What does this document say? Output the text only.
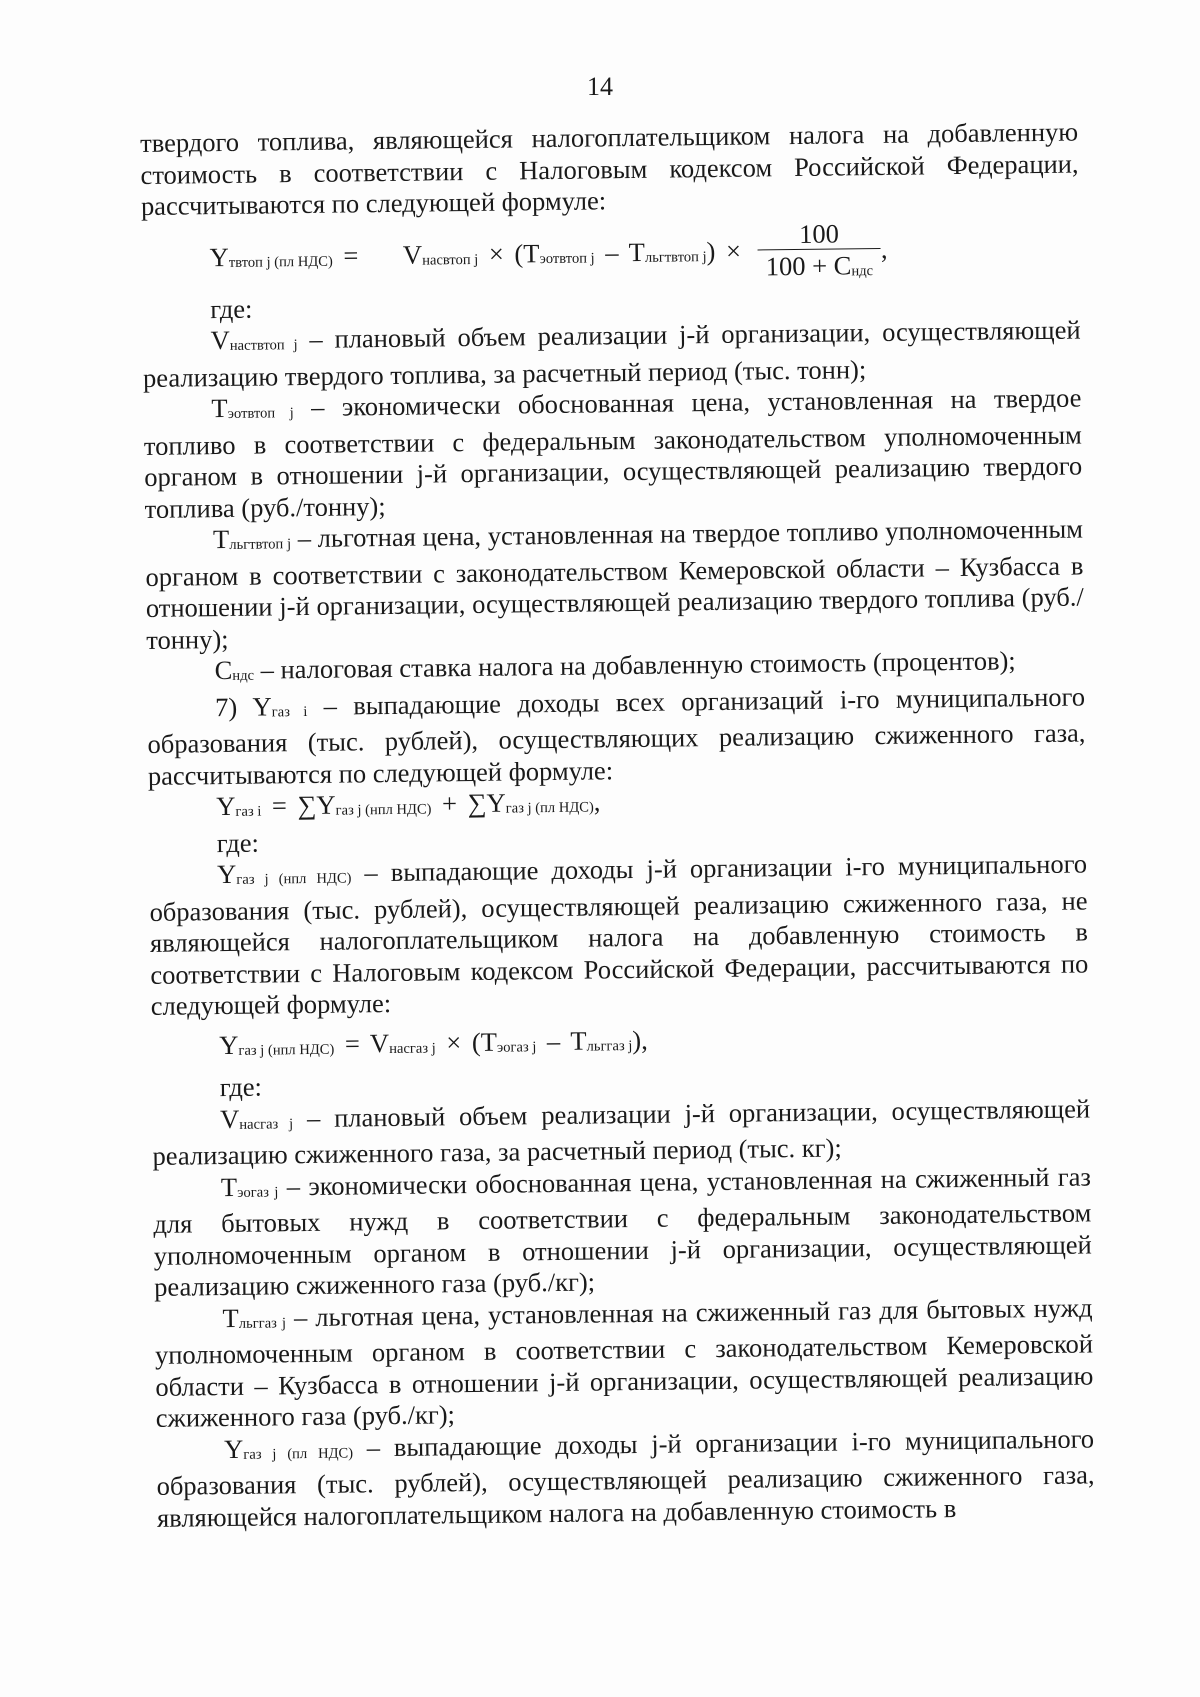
14

твердого топлива, являющейся налогоплательщиком налога на добавленную стоимость в соответствии с Налоговым кодексом Российской Федерации, рассчитываются по следующей формуле:

Yтвтоп j (пл НДС) = Vнасвтоп j × (Tэотвтоп j – Tльгтвтоп $j) \times \frac{100}{\text{100 + Cндс}}$ ,

где:

Vнаствтоп j – плановый объем реализации j-й организации, осуществляющей реализацию твердого топлива, за расчетный период (тыс. тонн);

Tэотвтоп j – экономически обоснованная цена, установленная на твердое топливо в соответствии с федеральным законодательством уполномоченным органом в отношении j-й организации, осуществляющей реализацию твердого топлива (руб./тонну);

Tльгтвтоп j – льготная цена, установленная на твердое топливо уполномоченным органом в соответствии с законодательством Кемеровской области – Кузбасса в отношении j-й организации, осуществляющей реализацию твердого топлива (руб./тонну);

Cндс – налоговая ставка налога на добавленную стоимость (процентов);

7) Yгаз i – выпадающие доходы всех организаций i-го муниципального образования (тыс. рублей), осуществляющих реализацию сжиженного газа, рассчитываются по следующей формуле:

Yгаз i = ∑Yгаз j (нпл НДС) + ∑Yгаз j (пл НДС),

где:

Yгаз j (нпл НДС) – выпадающие доходы j-й организации i-го муниципального образования (тыс. рублей), осуществляющей реализацию сжиженного газа, не являющейся налогоплательщиком налога на добавленную стоимость в соответствии с Налоговым кодексом Российской Федерации, рассчитываются по следующей формуле:

Yгаз j (нпл НДС) = Vнасгаз j × (Tэогаз j – Tльггаз j),

где:

Vнасгаз j – плановый объем реализации j-й организации, осуществляющей реализацию сжиженного газа, за расчетный период (тыс. кг);

Tэогаз j – экономически обоснованная цена, установленная на сжиженный газ для бытовых нужд в соответствии с федеральным законодательством уполномоченным органом в отношении j-й организации, осуществляющей реализацию сжиженного газа (руб./кг);

Tльггаз j – льготная цена, установленная на сжиженный газ для бытовых нужд уполномоченным органом в соответствии с законодательством Кемеровской области – Кузбасса в отношении j-й организации, осуществляющей реализацию сжиженного газа (руб./кг);

Yгаз j (пл НДС) – выпадающие доходы j-й организации i-го муниципального образования (тыс. рублей), осуществляющей реализацию сжиженного газа, являющейся налогоплательщиком налога на добавленную стоимость в
